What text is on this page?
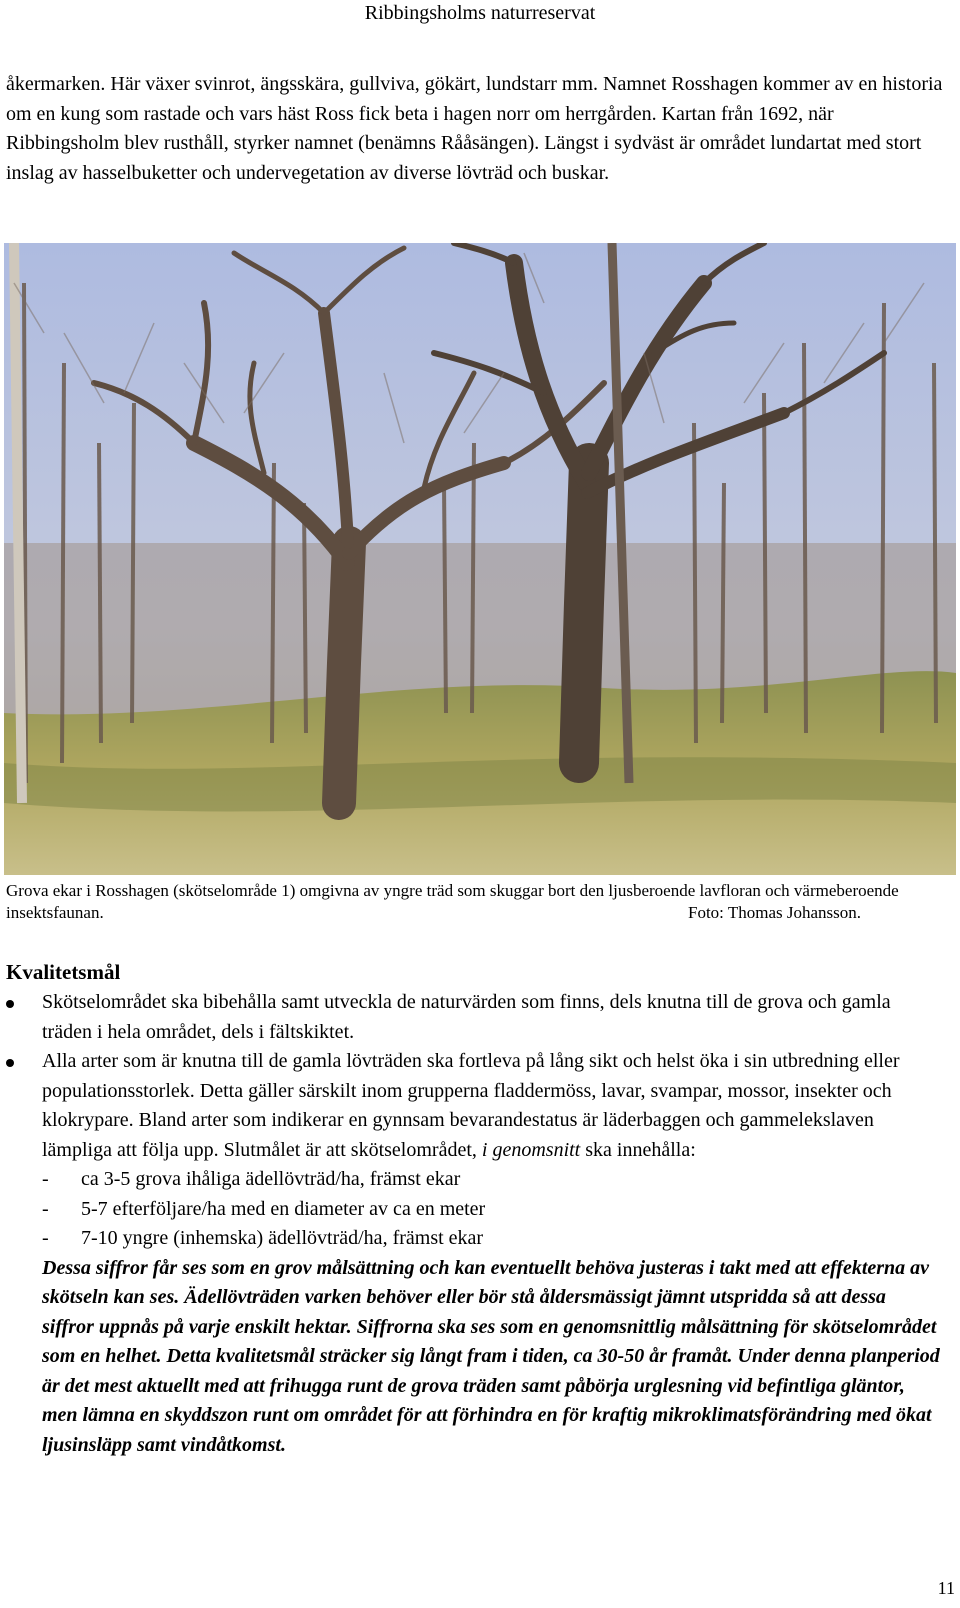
Ribbingsholms naturreservat

åkermarken. Här växer svinrot, ängsskära, gullviva, gökärt, lundstarr mm. Namnet Rosshagen kommer av en historia om en kung som rastade och vars häst Ross fick beta i hagen norr om herrgården. Kartan från 1692, när Ribbingsholm blev rusthåll, styrker namnet (benämns Rååsängen). Längst i sydväst är området lundartat med stort inslag av hasselbuketter och undervegetation av diverse lövträd och buskar.

Grova ekar i Rosshagen (skötselområde 1) omgivna av yngre träd som skuggar bort den ljusberoende lavfloran och värmeberoende insektsfaunan.	Foto: Thomas Johansson.
Kvalitetsmål
Skötselområdet ska bibehålla samt utveckla de naturvärden som finns, dels knutna till de grova och gamla träden i hela området, dels i fältskiktet.
Alla arter som är knutna till de gamla lövträden ska fortleva på lång sikt och helst öka i sin utbredning eller populationsstorlek. Detta gäller särskilt inom grupperna fladdermöss, lavar, svampar, mossor, insekter och klokrypare. Bland arter som indikerar en gynnsam bevarandestatus är läderbaggen och gammelekslaven lämpliga att följa upp. Slutmålet är att skötselområdet, i genomsnitt ska innehålla:
- ca 3-5 grova ihåliga ädellövträd/ha, främst ekar
- 5-7 efterföljare/ha med en diameter av ca en meter
- 7-10 yngre (inhemska) ädellövträd/ha, främst ekar
Dessa siffror får ses som en grov målsättning och kan eventuellt behöva justeras i takt med att effekterna av skötseln kan ses. Ädellövträden varken behöver eller bör stå åldersmässigt jämnt utspridda så att dessa siffror uppnås på varje enskilt hektar. Siffrorna ska ses som en genomsnittlig målsättning för skötselområdet som en helhet. Detta kvalitetsmål sträcker sig långt fram i tiden, ca 30-50 år framåt. Under denna planperiod är det mest aktuellt med att frihugga runt de grova träden samt påbörja urglesning vid befintliga gläntor, men lämna en skyddszon runt om området för att förhindra en för kraftig mikroklimatsförändring med ökat ljusinsläpp samt vindåtkomst.
11
